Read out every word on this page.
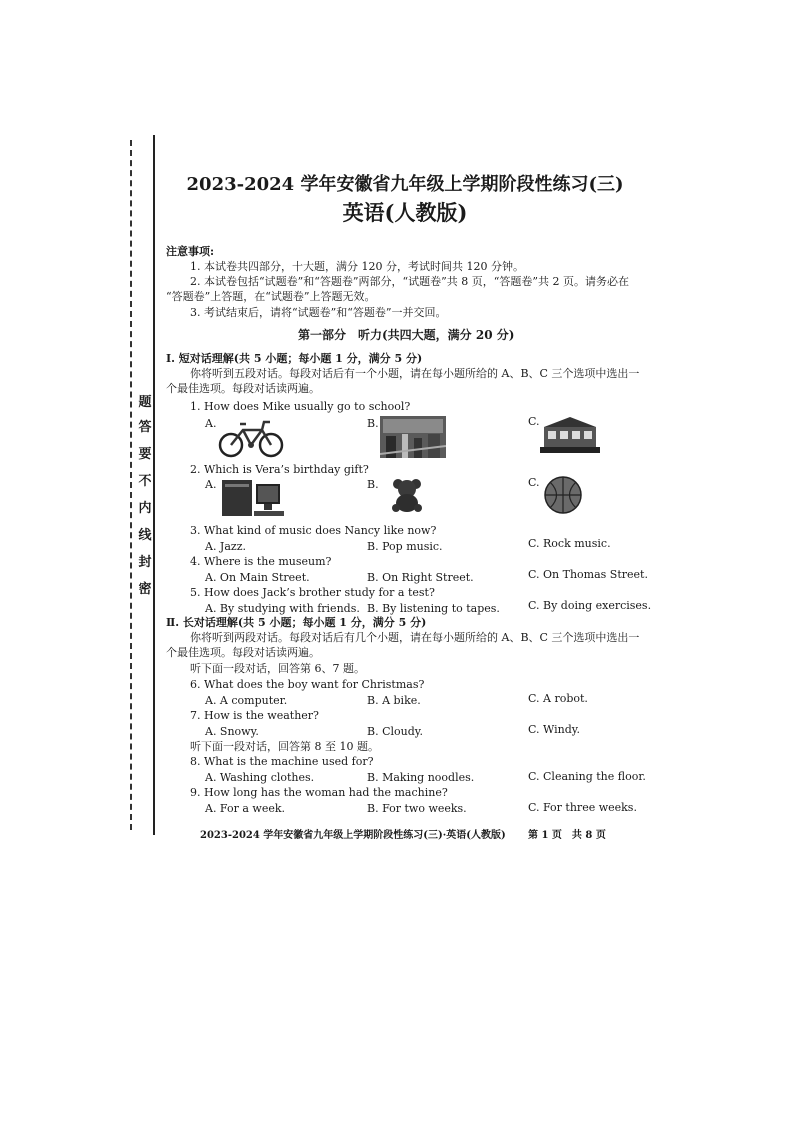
题
答
要
不
内
线
封
密
2023-2024 学年安徽省九年级上学期阶段性练习(三)
英语(人教版)
注意事项:
1. 本试卷共四部分，十大题，满分 120 分，考试时间共 120 分钟。
2. 本试卷包括“试题卷”和“答题卷”两部分，“试题卷”共 8 页，“答题卷”共 2 页。请务必在
“答题卷”上答题，在“试题卷”上答题无效。
3. 考试结束后，请将“试题卷”和“答题卷”一并交回。
第一部分　听力(共四大题，满分 20 分)
Ⅰ. 短对话理解(共 5 小题；每小题 1 分，满分 5 分)
你将听到五段对话。每段对话后有一个小题，请在每小题所给的 A、B、C 三个选项中选出一
个最佳选项。每段对话读两遍。
1. How does Mike usually go to school?
A.	B.	C.
2. Which is Vera’s birthday gift?
A.	B.	C.
3. What kind of music does Nancy like now?
A. Jazz.	B. Pop music.	C. Rock music.
4. Where is the museum?
A. On Main Street.	B. On Right Street.	C. On Thomas Street.
5. How does Jack’s brother study for a test?
A. By studying with friends. B. By listening to tapes.	C. By doing exercises.
Ⅱ. 长对话理解(共 5 小题；每小题 1 分，满分 5 分)
你将听到两段对话。每段对话后有几个小题，请在每小题所给的 A、B、C 三个选项中选出一
个最佳选项。每段对话读两遍。
听下面一段对话，回答第 6、7 题。
6. What does the boy want for Christmas?
A. A computer.	B. A bike.	C. A robot.
7. How is the weather?
A. Snowy.	B. Cloudy.	C. Windy.
听下面一段对话，回答第 8 至 10 题。
8. What is the machine used for?
A. Washing clothes.	B. Making noodles.	C. Cleaning the floor.
9. How long has the woman had the machine?
A. For a week.	B. For two weeks.	C. For three weeks.
2023-2024 学年安徽省九年级上学期阶段性练习(三)·英语(人教版) 第 1 页　共 8 页
